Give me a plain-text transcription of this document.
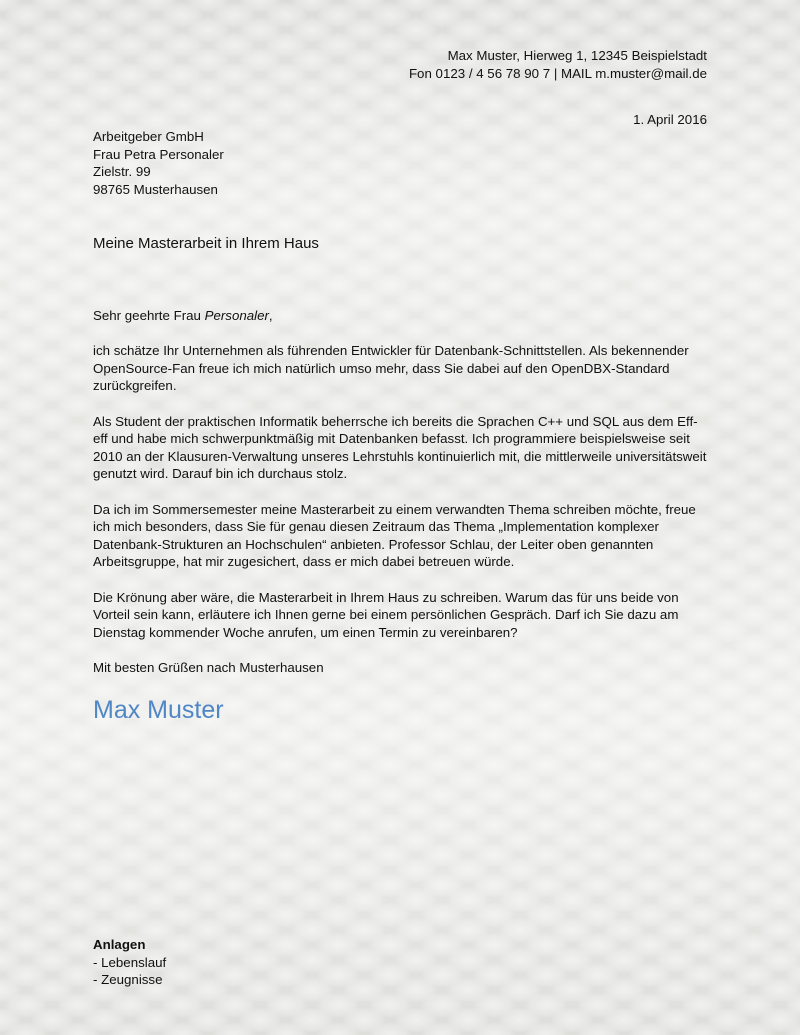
Max Muster, Hierweg 1, 12345 Beispielstadt
Fon 0123 / 4 56 78 90 7 | MAIL m.muster@mail.de
1. April 2016
Arbeitgeber GmbH
Frau Petra Personaler
Zielstr. 99
98765 Musterhausen
Meine Masterarbeit in Ihrem Haus

Sehr geehrte Frau Personaler,

ich schätze Ihr Unternehmen als führenden Entwickler für Datenbank-Schnittstellen. Als bekennender OpenSource-Fan freue ich mich natürlich umso mehr, dass Sie dabei auf den OpenDBX-Standard zurückgreifen.

Als Student der praktischen Informatik beherrsche ich bereits die Sprachen C++ und SQL aus dem Eff-eff und habe mich schwerpunktmäßig mit Datenbanken befasst. Ich programmiere beispielsweise seit 2010 an der Klausuren-Verwaltung unseres Lehrstuhls kontinuierlich mit, die mittlerweile universitätsweit genutzt wird. Darauf bin ich durchaus stolz.

Da ich im Sommersemester meine Masterarbeit zu einem verwandten Thema schreiben möchte, freue ich mich besonders, dass Sie für genau diesen Zeitraum das Thema „Implementation komplexer Datenbank-Strukturen an Hochschulen“ anbieten. Professor Schlau, der Leiter oben genannten Arbeitsgruppe, hat mir zugesichert, dass er mich dabei betreuen würde.

Die Krönung aber wäre, die Masterarbeit in Ihrem Haus zu schreiben. Warum das für uns beide von Vorteil sein kann, erläutere ich Ihnen gerne bei einem persönlichen Gespräch. Darf ich Sie dazu am Dienstag kommender Woche anrufen, um einen Termin zu vereinbaren?

Mit besten Grüßen nach Musterhausen

Max Muster
Anlagen
- Lebenslauf
- Zeugnisse
